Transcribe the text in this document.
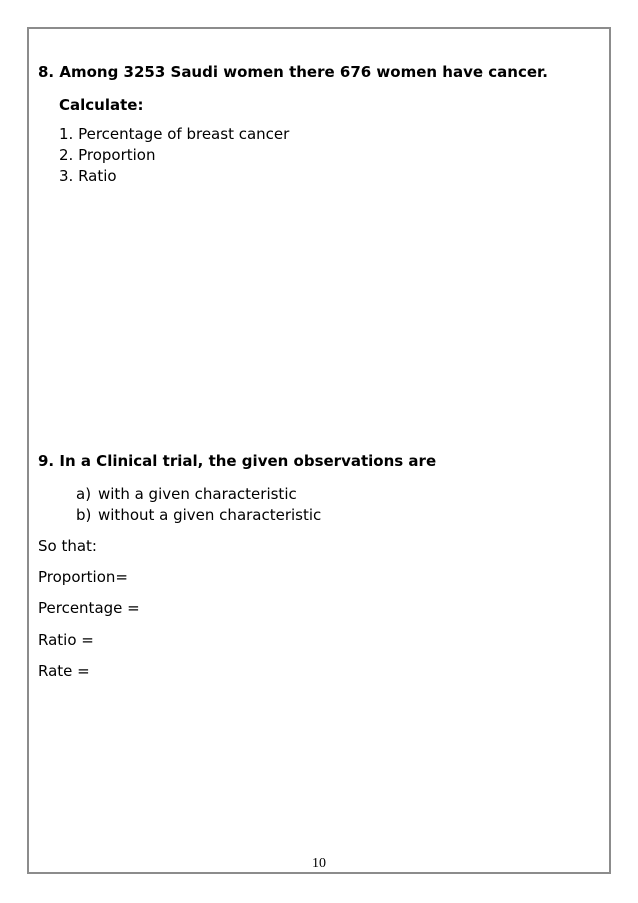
8. Among 3253 Saudi women there 676 women have cancer.
Calculate:
1. Percentage of breast cancer
2. Proportion
3. Ratio
9. In a Clinical trial, the given observations are
a) with a given characteristic
b) without a given characteristic
So that:
Proportion=
Percentage =
Ratio =
Rate =
10
